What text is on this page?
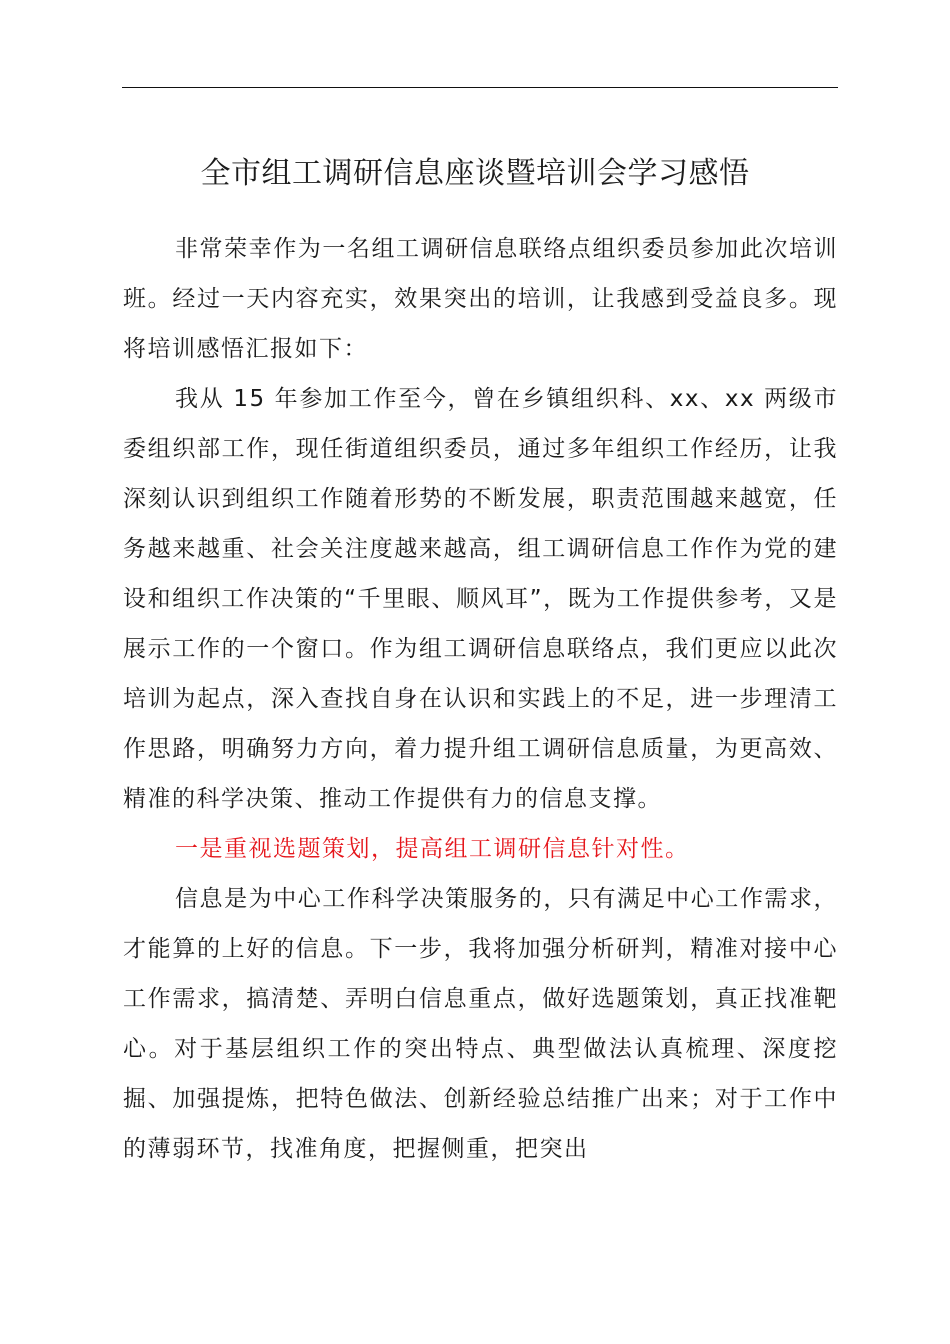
全市组工调研信息座谈暨培训会学习感悟

非常荣幸作为一名组工调研信息联络点组织委员参加此次培训班。经过一天内容充实，效果突出的培训，让我感到受益良多。现将培训感悟汇报如下：

我从 15 年参加工作至今，曾在乡镇组织科、xx、xx 两级市委组织部工作，现任街道组织委员，通过多年组织工作经历，让我深刻认识到组织工作随着形势的不断发展，职责范围越来越宽，任务越来越重、社会关注度越来越高，组工调研信息工作作为党的建设和组织工作决策的“千里眼、顺风耳”，既为工作提供参考，又是展示工作的一个窗口。作为组工调研信息联络点，我们更应以此次培训为起点，深入查找自身在认识和实践上的不足，进一步理清工作思路，明确努力方向，着力提升组工调研信息质量，为更高效、精准的科学决策、推动工作提供有力的信息支撑。

一是重视选题策划，提高组工调研信息针对性。

信息是为中心工作科学决策服务的，只有满足中心工作需求，才能算的上好的信息。下一步，我将加强分析研判，精准对接中心工作需求，搞清楚、弄明白信息重点，做好选题策划，真正找准靶心。对于基层组织工作的突出特点、典型做法认真梳理、深度挖掘、加强提炼，把特色做法、创新经验总结推广出来；对于工作中的薄弱环节，找准角度，把握侧重，把突出
